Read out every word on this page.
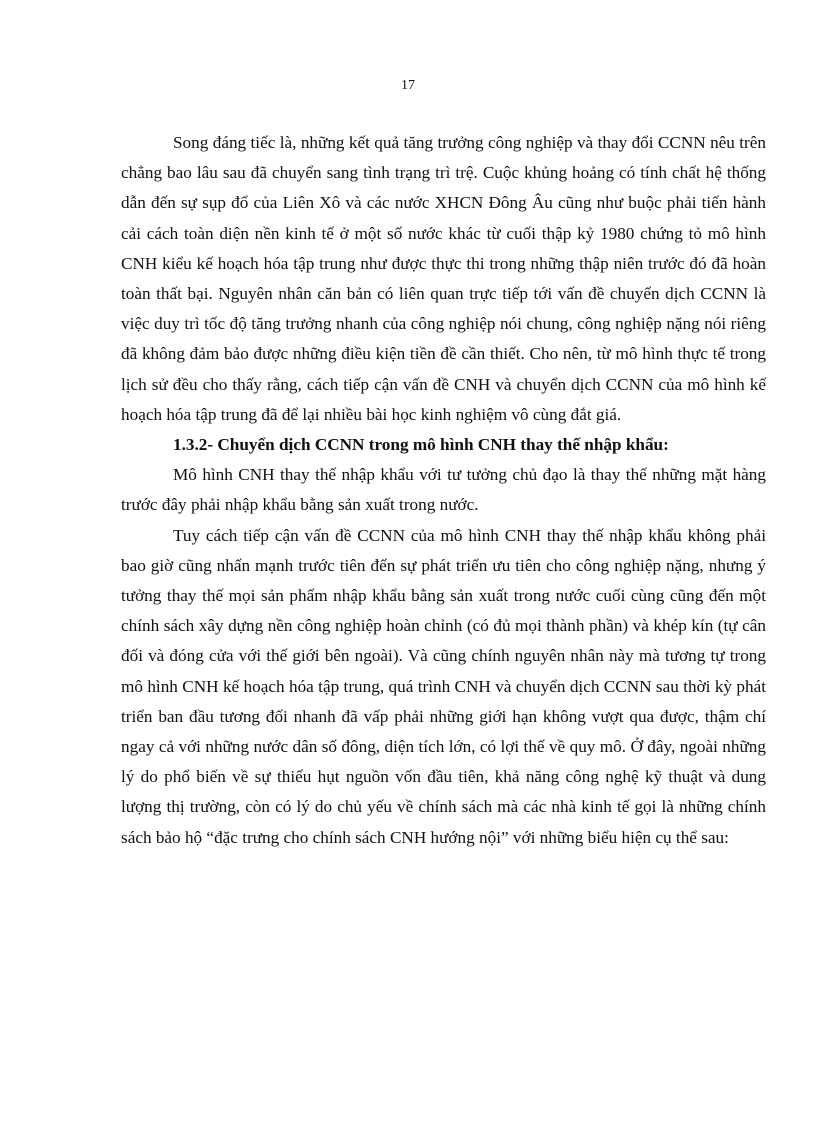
17

Song đáng tiếc là, những kết quả tăng trưởng công nghiệp và thay đổi CCNN nêu trên chẳng bao lâu sau đã chuyển sang tình trạng trì trệ. Cuộc khủng hoảng có tính chất hệ thống dẫn đến sự sụp đổ của Liên Xô và các nước XHCN Đông Âu cũng như buộc phải tiến hành cải cách toàn diện nền kinh tế ở một số nước khác từ cuối thập kỷ 1980 chứng tỏ mô hình CNH kiểu kế hoạch hóa tập trung như được thực thi trong những thập niên trước đó đã hoàn toàn thất bại. Nguyên nhân căn bản có liên quan trực tiếp tới vấn đề chuyển dịch CCNN là việc duy trì tốc độ tăng trưởng nhanh của công nghiệp nói chung, công nghiệp nặng nói riêng đã không đảm bảo được những điều kiện tiền đề cần thiết. Cho nên, từ mô hình thực tế trong lịch sử đều cho thấy rằng, cách tiếp cận vấn đề CNH và chuyển dịch CCNN của mô hình kế hoạch hóa tập trung đã để lại nhiều bài học kinh nghiệm vô cùng đắt giá.

1.3.2- Chuyển dịch CCNN trong mô hình CNH thay thế nhập khẩu:

Mô hình CNH thay thế nhập khẩu với tư tưởng chủ đạo là thay thế những mặt hàng trước đây phải nhập khẩu bằng sản xuất trong nước.

Tuy cách tiếp cận vấn đề CCNN của mô hình CNH thay thế nhập khẩu không phải bao giờ cũng nhấn mạnh trước tiên đến sự phát triển ưu tiên cho công nghiệp nặng, nhưng ý tưởng thay thế mọi sản phẩm nhập khẩu bằng sản xuất trong nước cuối cùng cũng đến một chính sách xây dựng nền công nghiệp hoàn chỉnh (có đủ mọi thành phần) và khép kín (tự cân đối và đóng cửa với thế giới bên ngoài). Và cũng chính nguyên nhân này mà tương tự trong mô hình CNH kế hoạch hóa tập trung, quá trình CNH và chuyển dịch CCNN sau thời kỳ phát triển ban đầu tương đối nhanh đã vấp phải những giới hạn không vượt qua được, thậm chí ngay cả với những nước dân số đông, diện tích lớn, có lợi thế về quy mô. Ở đây, ngoài những lý do phổ biến về sự thiếu hụt nguồn vốn đầu tiên, khả năng công nghệ kỹ thuật và dung lượng thị trường, còn có lý do chủ yếu về chính sách mà các nhà kinh tế gọi là những chính sách bảo hộ “đặc trưng cho chính sách CNH hướng nội” với những biểu hiện cụ thể sau:
